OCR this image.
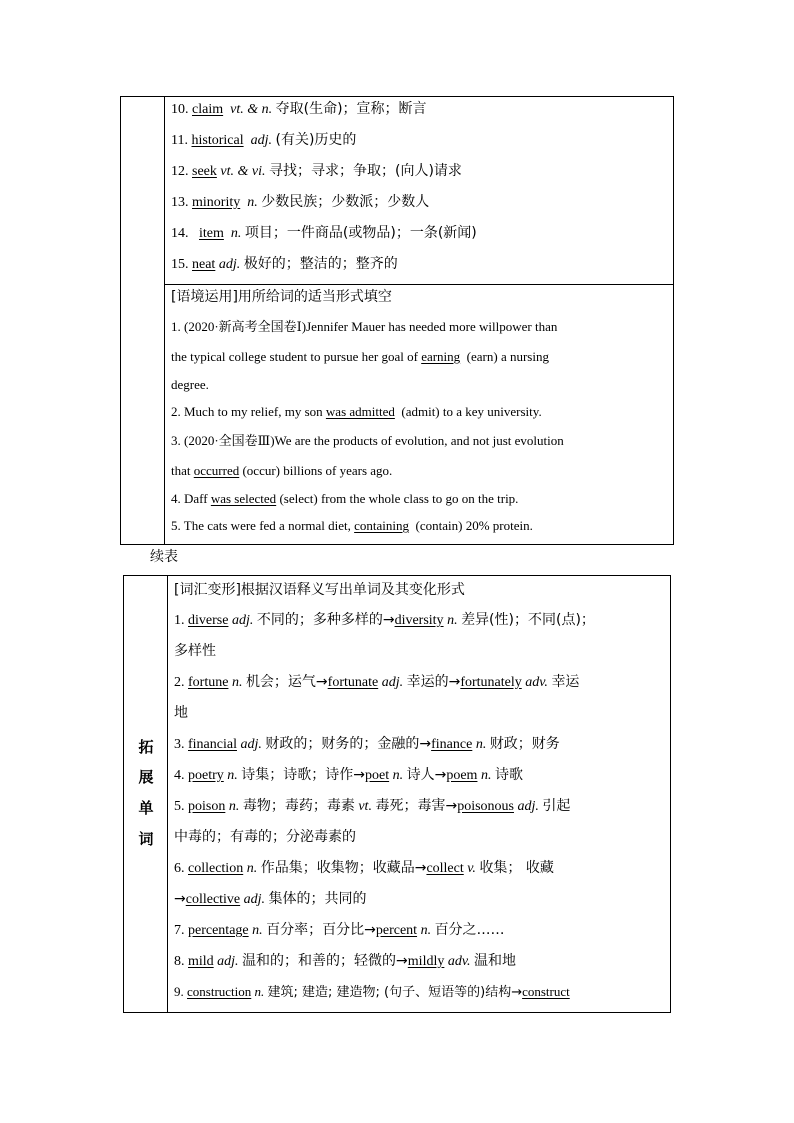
10. claim vt. & n. 夺取(生命)；宣称；断言
11. historical adj. (有关)历史的
12. seek vt. & vi. 寻找；寻求；争取；(向人)请求
13. minority n. 少数民族；少数派；少数人
14. item n. 项目；一件商品(或物品)；一条(新闻)
15. neat adj. 极好的；整洁的；整齐的
[语境运用]用所给词的适当形式填空
1. (2020·新高考全国卷Ⅰ)Jennifer Mauer has needed more willpower than
the typical college student to pursue her goal of earning  (earn) a nursing
degree.
2. Much to my relief, my son was admitted  (admit) to a key university.
3. (2020·全国卷Ⅲ)We are the products of evolution, and not just evolution
that occurred (occur) billions of years ago.
4. Daff was selected (select) from the whole class to go on the trip.
5. The cats were fed a normal diet, containing  (contain) 20% protein.
续表
拓
展
单
词
[词汇变形]根据汉语释义写出单词及其变化形式
1. diverse adj. 不同的；多种多样的→diversity n. 差异(性)；不同(点)；
多样性
2. fortune n. 机会；运气→fortunate adj. 幸运的→fortunately adv. 幸运
地
3. financial adj. 财政的；财务的；金融的→finance n. 财政；财务
4. poetry n. 诗集；诗歌；诗作→poet n. 诗人→poem n. 诗歌
5. poison n. 毒物；毒药；毒素 vt. 毒死；毒害→poisonous adj. 引起
中毒的；有毒的；分泌毒素的
6. collection n. 作品集；收集物；收藏品→collect v. 收集； 收藏
→collective adj. 集体的；共同的
7. percentage n. 百分率；百分比→percent n. 百分之……
8. mild adj. 温和的；和善的；轻微的→mildly adv. 温和地
9. construction n. 建筑; 建造; 建造物; (句子、短语等的)结构→construct
